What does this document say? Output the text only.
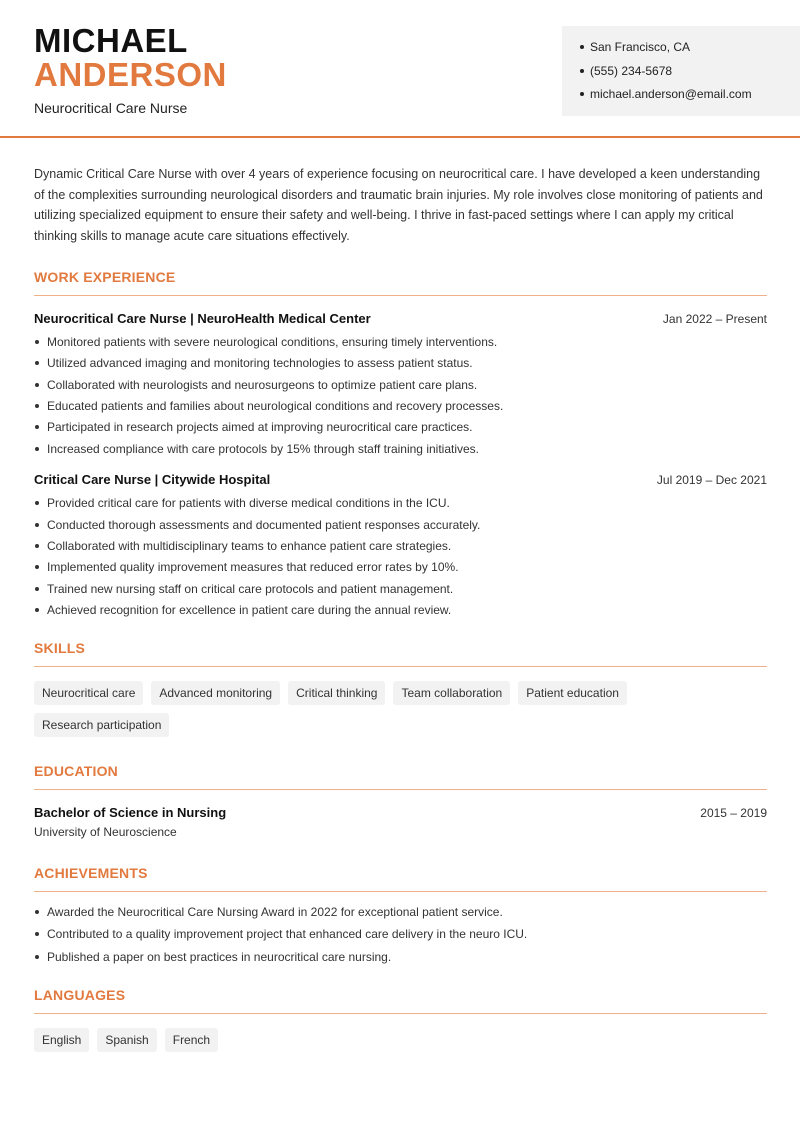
MICHAEL
ANDERSON
Neurocritical Care Nurse
San Francisco, CA
(555) 234-5678
michael.anderson@email.com

Dynamic Critical Care Nurse with over 4 years of experience focusing on neurocritical care. I have developed a keen understanding of the complexities surrounding neurological disorders and traumatic brain injuries. My role involves close monitoring of patients and utilizing specialized equipment to ensure their safety and well-being. I thrive in fast-paced settings where I can apply my critical thinking skills to manage acute care situations effectively.

WORK EXPERIENCE
Neurocritical Care Nurse | NeuroHealth Medical Center	Jan 2022 – Present
Monitored patients with severe neurological conditions, ensuring timely interventions.
Utilized advanced imaging and monitoring technologies to assess patient status.
Collaborated with neurologists and neurosurgeons to optimize patient care plans.
Educated patients and families about neurological conditions and recovery processes.
Participated in research projects aimed at improving neurocritical care practices.
Increased compliance with care protocols by 15% through staff training initiatives.
Critical Care Nurse | Citywide Hospital	Jul 2019 – Dec 2021
Provided critical care for patients with diverse medical conditions in the ICU.
Conducted thorough assessments and documented patient responses accurately.
Collaborated with multidisciplinary teams to enhance patient care strategies.
Implemented quality improvement measures that reduced error rates by 10%.
Trained new nursing staff on critical care protocols and patient management.
Achieved recognition for excellence in patient care during the annual review.
SKILLS
Neurocritical care	Advanced monitoring	Critical thinking	Team collaboration	Patient education
Research participation
EDUCATION
Bachelor of Science in Nursing	2015 – 2019
University of Neuroscience
ACHIEVEMENTS
Awarded the Neurocritical Care Nursing Award in 2022 for exceptional patient service.
Contributed to a quality improvement project that enhanced care delivery in the neuro ICU.
Published a paper on best practices in neurocritical care nursing.
LANGUAGES
English	Spanish	French
